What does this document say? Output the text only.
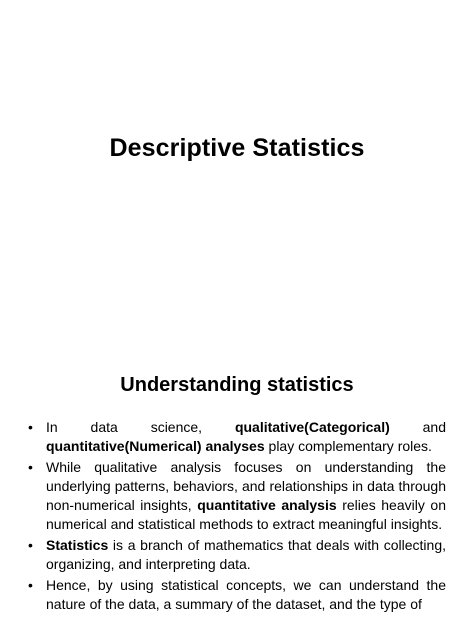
Descriptive Statistics
Understanding statistics
• In data science, qualitative(Categorical) and quantitative(Numerical) analyses play complementary roles.
• While qualitative analysis focuses on understanding the underlying patterns, behaviors, and relationships in data through non-numerical insights, quantitative analysis relies heavily on numerical and statistical methods to extract meaningful insights.
• Statistics is a branch of mathematics that deals with collecting, organizing, and interpreting data.
• Hence, by using statistical concepts, we can understand the nature of the data, a summary of the dataset, and the type of
